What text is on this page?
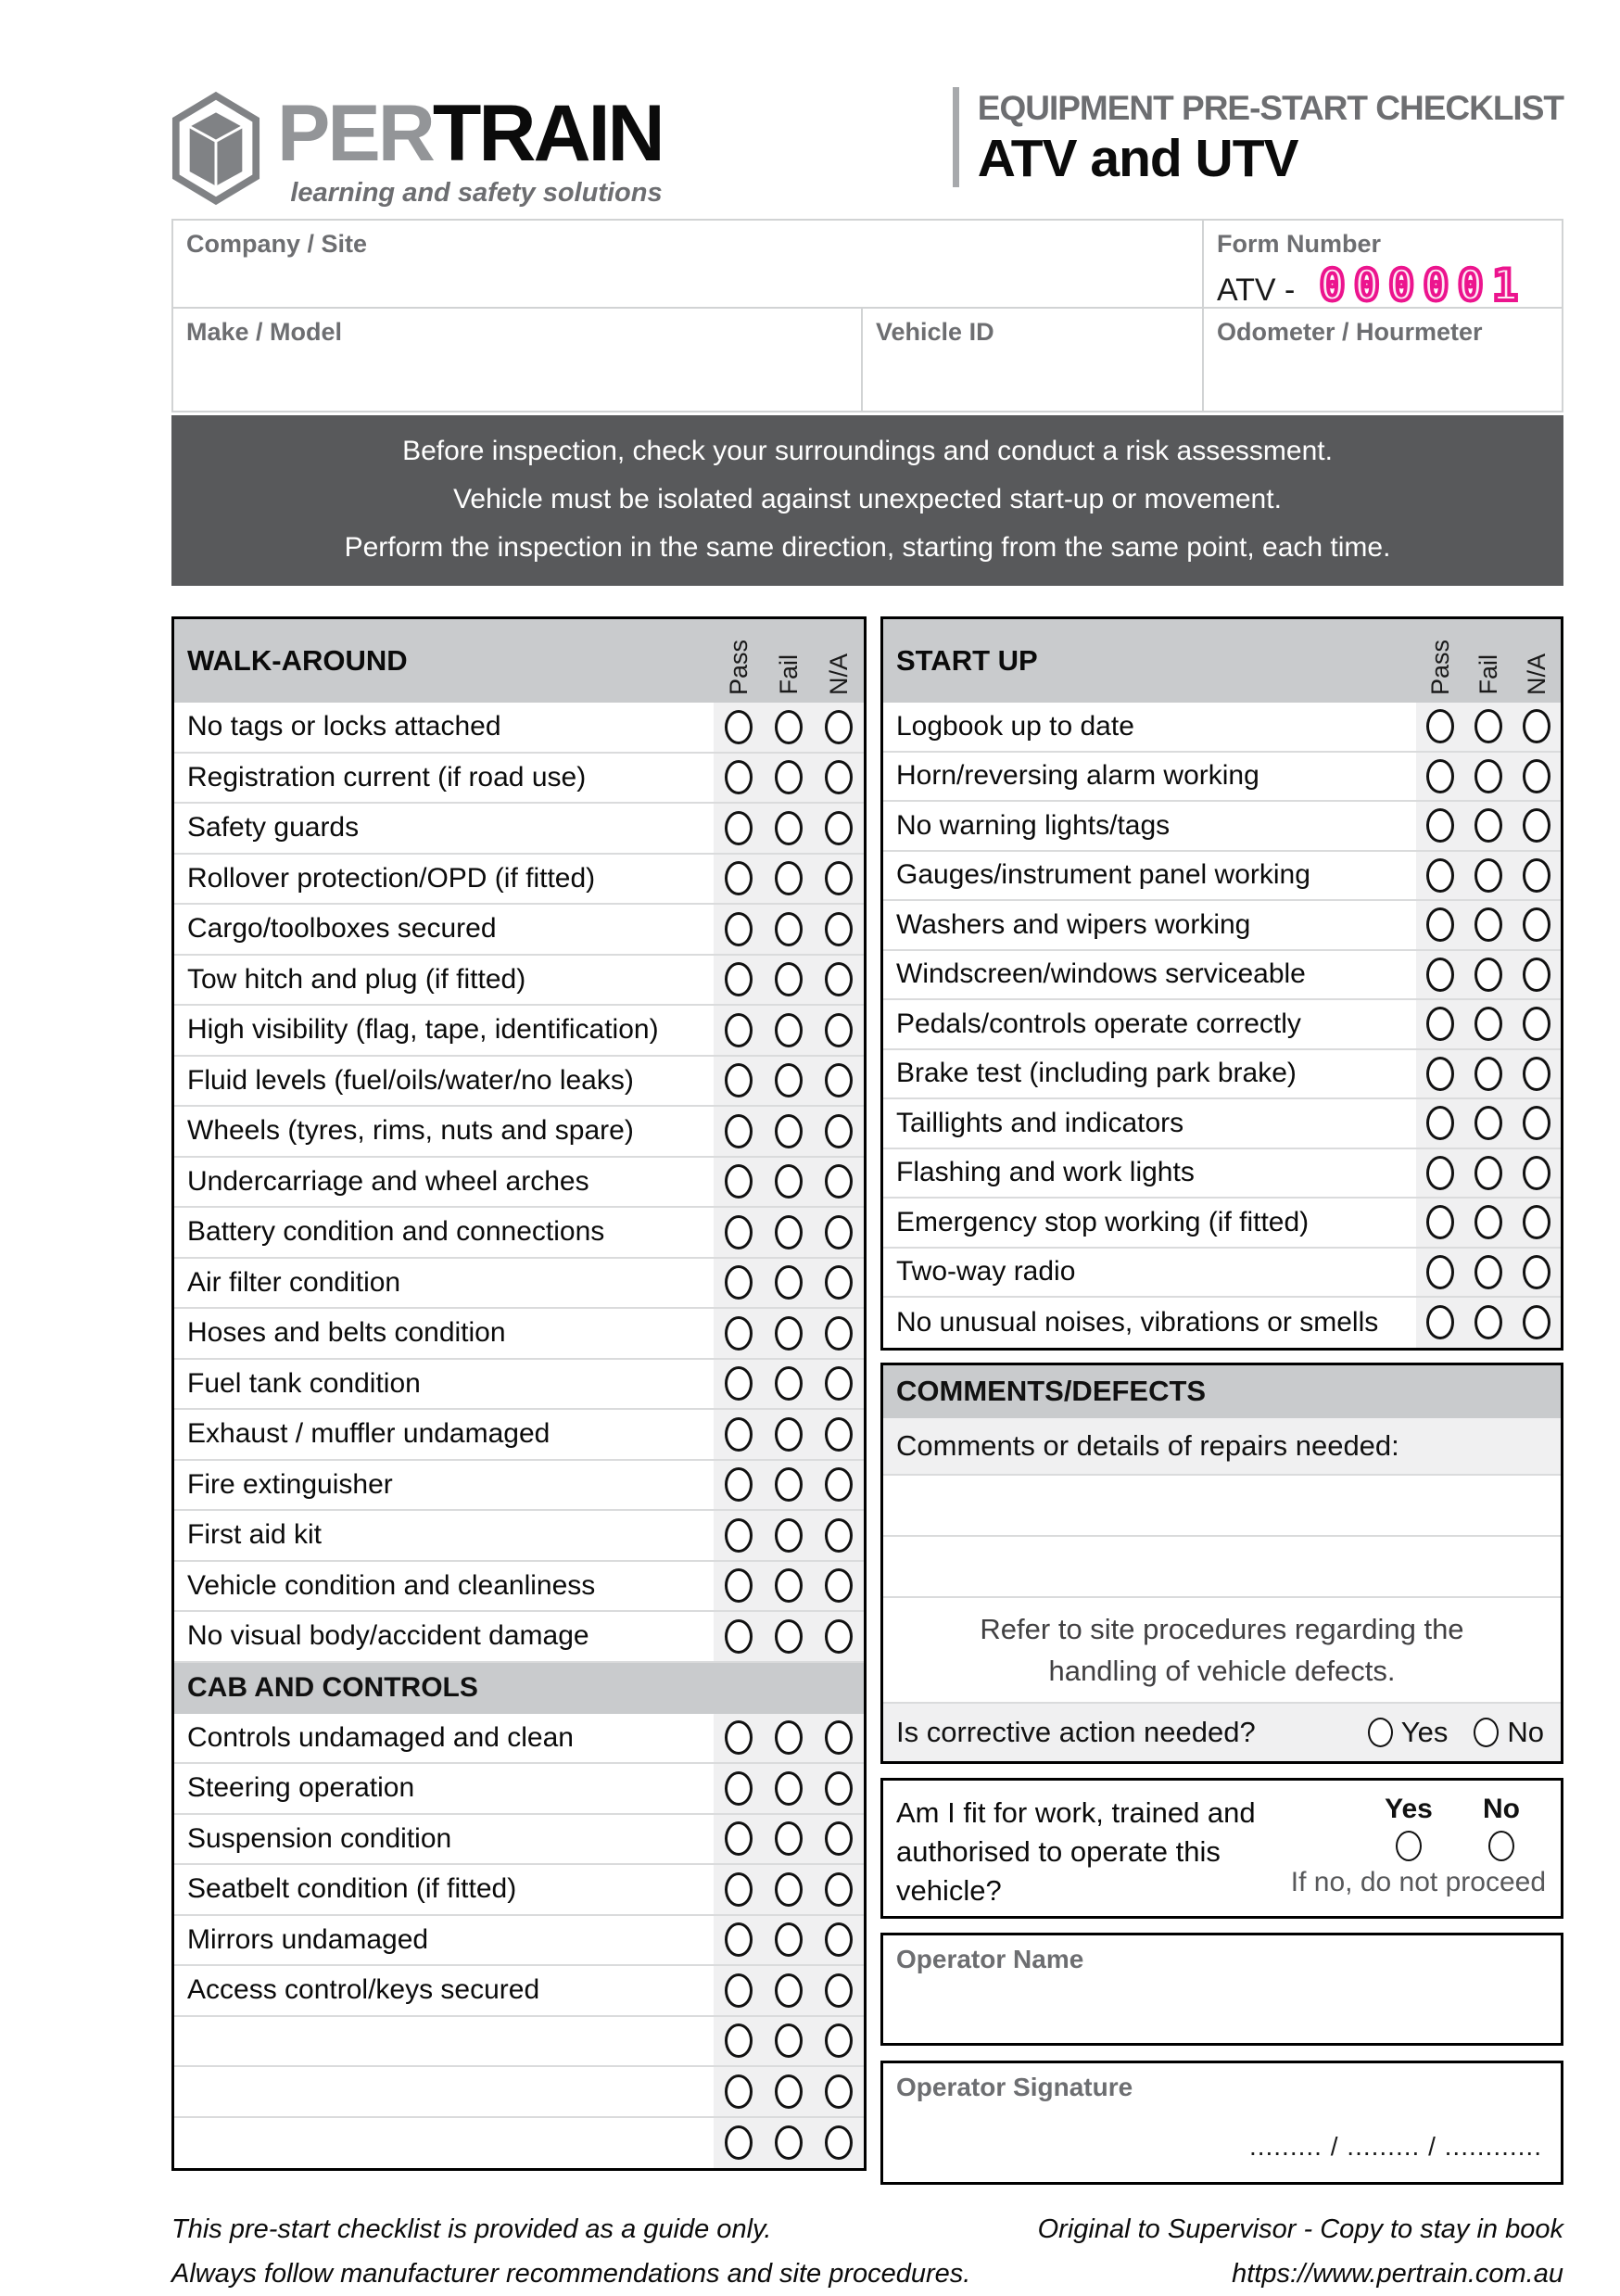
PERTRAIN
learning and safety solutions
EQUIPMENT PRE-START CHECKLIST
ATV and UTV
Company / Site	Form Number
ATV - 000001
Make / Model	Vehicle ID	Odometer / Hourmeter
Before inspection, check your surroundings and conduct a risk assessment.
Vehicle must be isolated against unexpected start-up or movement.
Perform the inspection in the same direction, starting from the same point, each time.
WALK-AROUND	Pass Fail N/A
No tags or locks attached
Registration current (if road use)
Safety guards
Rollover protection/OPD (if fitted)
Cargo/toolboxes secured
Tow hitch and plug (if fitted)
High visibility (flag, tape, identification)
Fluid levels (fuel/oils/water/no leaks)
Wheels (tyres, rims, nuts and spare)
Undercarriage and wheel arches
Battery condition and connections
Air filter condition
Hoses and belts condition
Fuel tank condition
Exhaust / muffler undamaged
Fire extinguisher
First aid kit
Vehicle condition and cleanliness
No visual body/accident damage
CAB AND CONTROLS
Controls undamaged and clean
Steering operation
Suspension condition
Seatbelt condition (if fitted)
Mirrors undamaged
Access control/keys secured
START UP	Pass Fail N/A
Logbook up to date
Horn/reversing alarm working
No warning lights/tags
Gauges/instrument panel working
Washers and wipers working
Windscreen/windows serviceable
Pedals/controls operate correctly
Brake test (including park brake)
Taillights and indicators
Flashing and work lights
Emergency stop working (if fitted)
Two-way radio
No unusual noises, vibrations or smells
COMMENTS/DEFECTS
Comments or details of repairs needed:
Refer to site procedures regarding the
handling of vehicle defects.
Is corrective action needed?	Yes No
Am I fit for work, trained and authorised to operate this vehicle?
Yes No
If no, do not proceed
Operator Name
Operator Signature
......... / ......... / ............
This pre-start checklist is provided as a guide only.
Always follow manufacturer recommendations and site procedures.
Original to Supervisor - Copy to stay in book
https://www.pertrain.com.au
